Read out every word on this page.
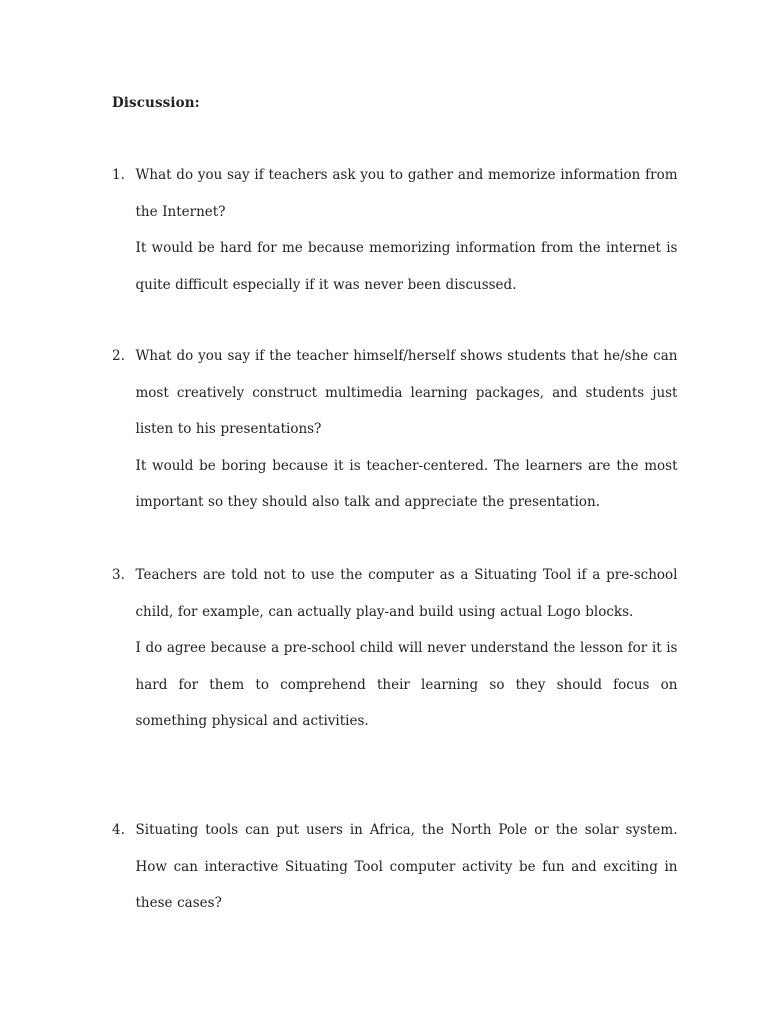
Discussion:
1. What do you say if teachers ask you to gather and memorize information from the Internet?
It would be hard for me because memorizing information from the internet is quite difficult especially if it was never been discussed.
2. What do you say if the teacher himself/herself shows students that he/she can most creatively construct multimedia learning packages, and students just listen to his presentations?
It would be boring because it is teacher-centered. The learners are the most important so they should also talk and appreciate the presentation.
3. Teachers are told not to use the computer as a Situating Tool if a pre-school child, for example, can actually play-and build using actual Logo blocks.
I do agree because a pre-school child will never understand the lesson for it is hard for them to comprehend their learning so they should focus on something physical and activities.
4. Situating tools can put users in Africa, the North Pole or the solar system. How can interactive Situating Tool computer activity be fun and exciting in these cases?
